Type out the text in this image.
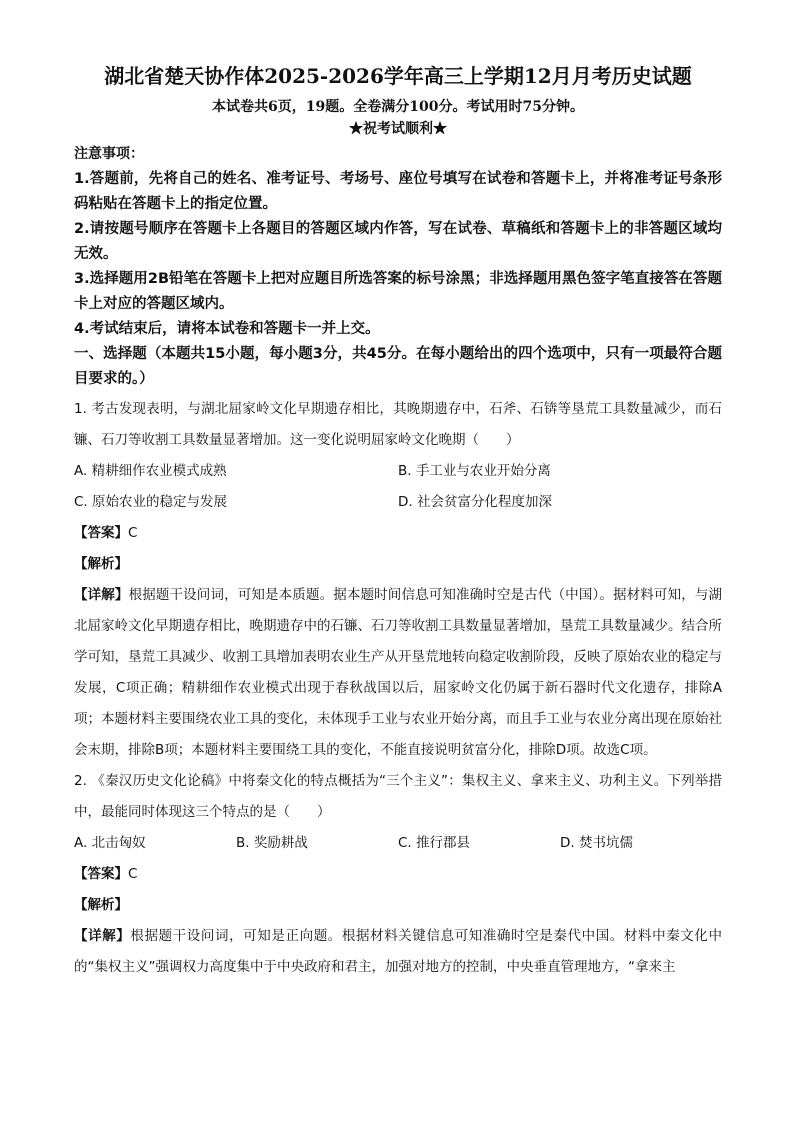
湖北省楚天协作体2025-2026学年高三上学期12月月考历史试题
本试卷共6页，19题。全卷满分100分。考试用时75分钟。
★祝考试顺利★
注意事项：
1.答题前，先将自己的姓名、准考证号、考场号、座位号填写在试卷和答题卡上，并将准考证号条形码粘贴在答题卡上的指定位置。
2.请按题号顺序在答题卡上各题目的答题区域内作答，写在试卷、草稿纸和答题卡上的非答题区域均无效。
3.选择题用2B铅笔在答题卡上把对应题目所选答案的标号涂黑；非选择题用黑色签字笔直接答在答题卡上对应的答题区域内。
4.考试结束后，请将本试卷和答题卡一并上交。
一、选择题（本题共15小题，每小题3分，共45分。在每小题给出的四个选项中，只有一项最符合题目要求的。）
1. 考古发现表明，与湖北屈家岭文化早期遗存相比，其晚期遗存中，石斧、石锛等垦荒工具数量减少，而石镰、石刀等收割工具数量显著增加。这一变化说明屈家岭文化晚期（　　）
A. 精耕细作农业模式成熟	B. 手工业与农业开始分离
C. 原始农业的稳定与发展	D. 社会贫富分化程度加深
【答案】C
【解析】
【详解】根据题干设问词，可知是本质题。据本题时间信息可知准确时空是古代（中国）。据材料可知，与湖北屈家岭文化早期遗存相比，晚期遗存中的石镰、石刀等收割工具数量显著增加，垦荒工具数量减少。结合所学可知，垦荒工具减少、收割工具增加表明农业生产从开垦荒地转向稳定收割阶段，反映了原始农业的稳定与发展，C项正确；精耕细作农业模式出现于春秋战国以后，屈家岭文化仍属于新石器时代文化遗存，排除A项；本题材料主要围绕农业工具的变化，未体现手工业与农业开始分离，而且手工业与农业分离出现在原始社会末期，排除B项；本题材料主要围绕工具的变化，不能直接说明贫富分化，排除D项。故选C项。
2. 《秦汉历史文化论稿》中将秦文化的特点概括为“三个主义”：集权主义、拿来主义、功利主义。下列举措中，最能同时体现这三个特点的是（　　）
A. 北击匈奴	B. 奖励耕战	C. 推行郡县	D. 焚书坑儒
【答案】C
【解析】
【详解】根据题干设问词，可知是正向题。根据材料关键信息可知准确时空是秦代中国。材料中秦文化中的“集权主义”强调权力高度集中于中央政府和君主，加强对地方的控制，中央垂直管理地方，“拿来主
